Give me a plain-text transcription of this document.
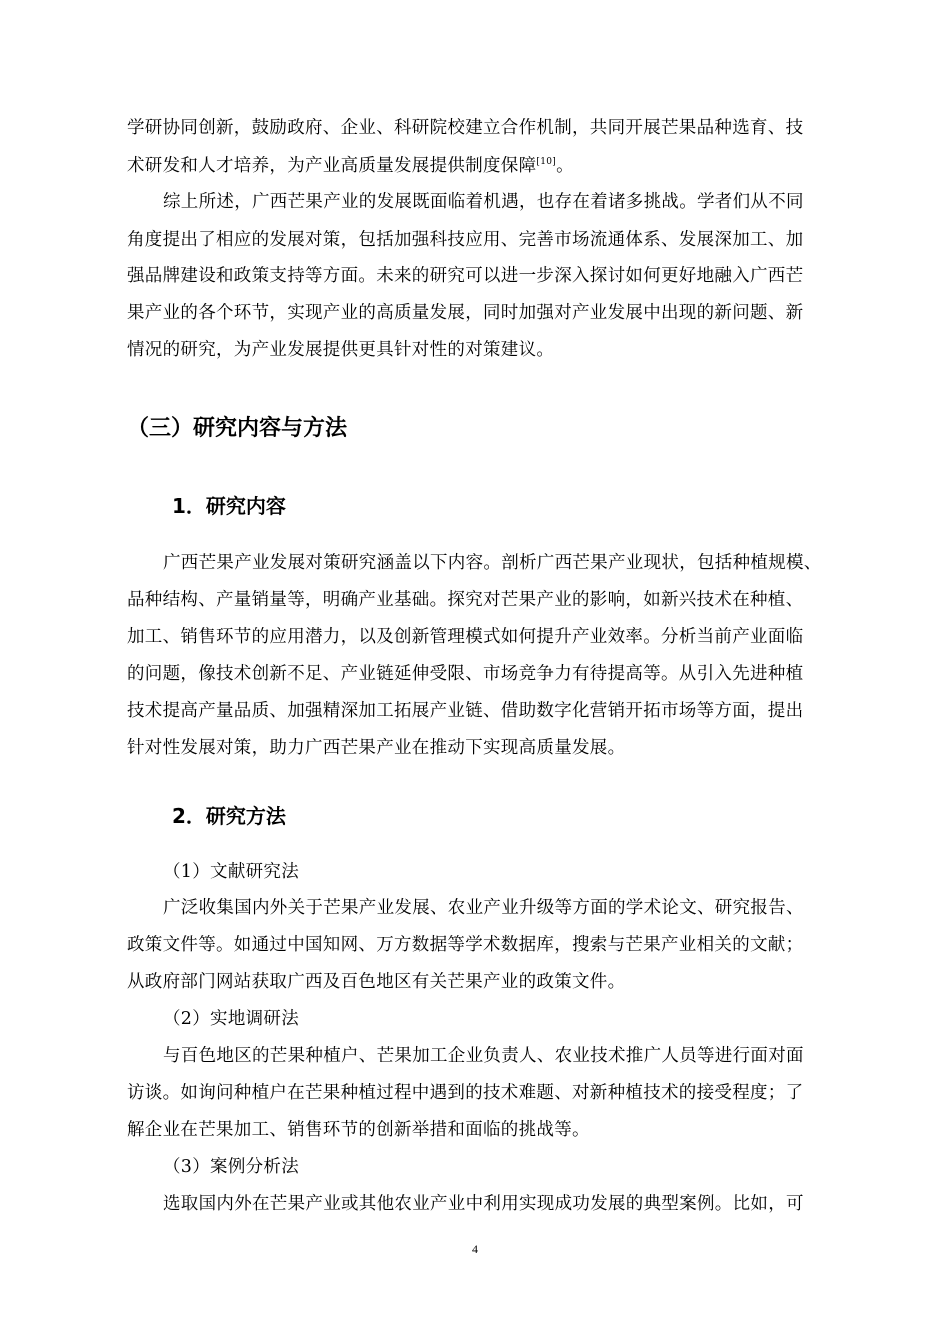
学研协同创新，鼓励政府、企业、科研院校建立合作机制，共同开展芒果品种选育、技
术研发和人才培养，为产业高质量发展提供制度保障[10]。
综上所述，广西芒果产业的发展既面临着机遇，也存在着诸多挑战。学者们从不同
角度提出了相应的发展对策，包括加强科技应用、完善市场流通体系、发展深加工、加
强品牌建设和政策支持等方面。未来的研究可以进一步深入探讨如何更好地融入广西芒
果产业的各个环节，实现产业的高质量发展，同时加强对产业发展中出现的新问题、新
情况的研究，为产业发展提供更具针对性的对策建议。
（三）研究内容与方法
1．研究内容
广西芒果产业发展对策研究涵盖以下内容。剖析广西芒果产业现状，包括种植规模、
品种结构、产量销量等，明确产业基础。探究对芒果产业的影响，如新兴技术在种植、
加工、销售环节的应用潜力，以及创新管理模式如何提升产业效率。分析当前产业面临
的问题，像技术创新不足、产业链延伸受限、市场竞争力有待提高等。从引入先进种植
技术提高产量品质、加强精深加工拓展产业链、借助数字化营销开拓市场等方面，提出
针对性发展对策，助力广西芒果产业在推动下实现高质量发展。
2．研究方法
（1）文献研究法
广泛收集国内外关于芒果产业发展、农业产业升级等方面的学术论文、研究报告、
政策文件等。如通过中国知网、万方数据等学术数据库，搜索与芒果产业相关的文献；
从政府部门网站获取广西及百色地区有关芒果产业的政策文件。
（2）实地调研法
与百色地区的芒果种植户、芒果加工企业负责人、农业技术推广人员等进行面对面
访谈。如询问种植户在芒果种植过程中遇到的技术难题、对新种植技术的接受程度；了
解企业在芒果加工、销售环节的创新举措和面临的挑战等。
（3）案例分析法
选取国内外在芒果产业或其他农业产业中利用实现成功发展的典型案例。比如，可
4
